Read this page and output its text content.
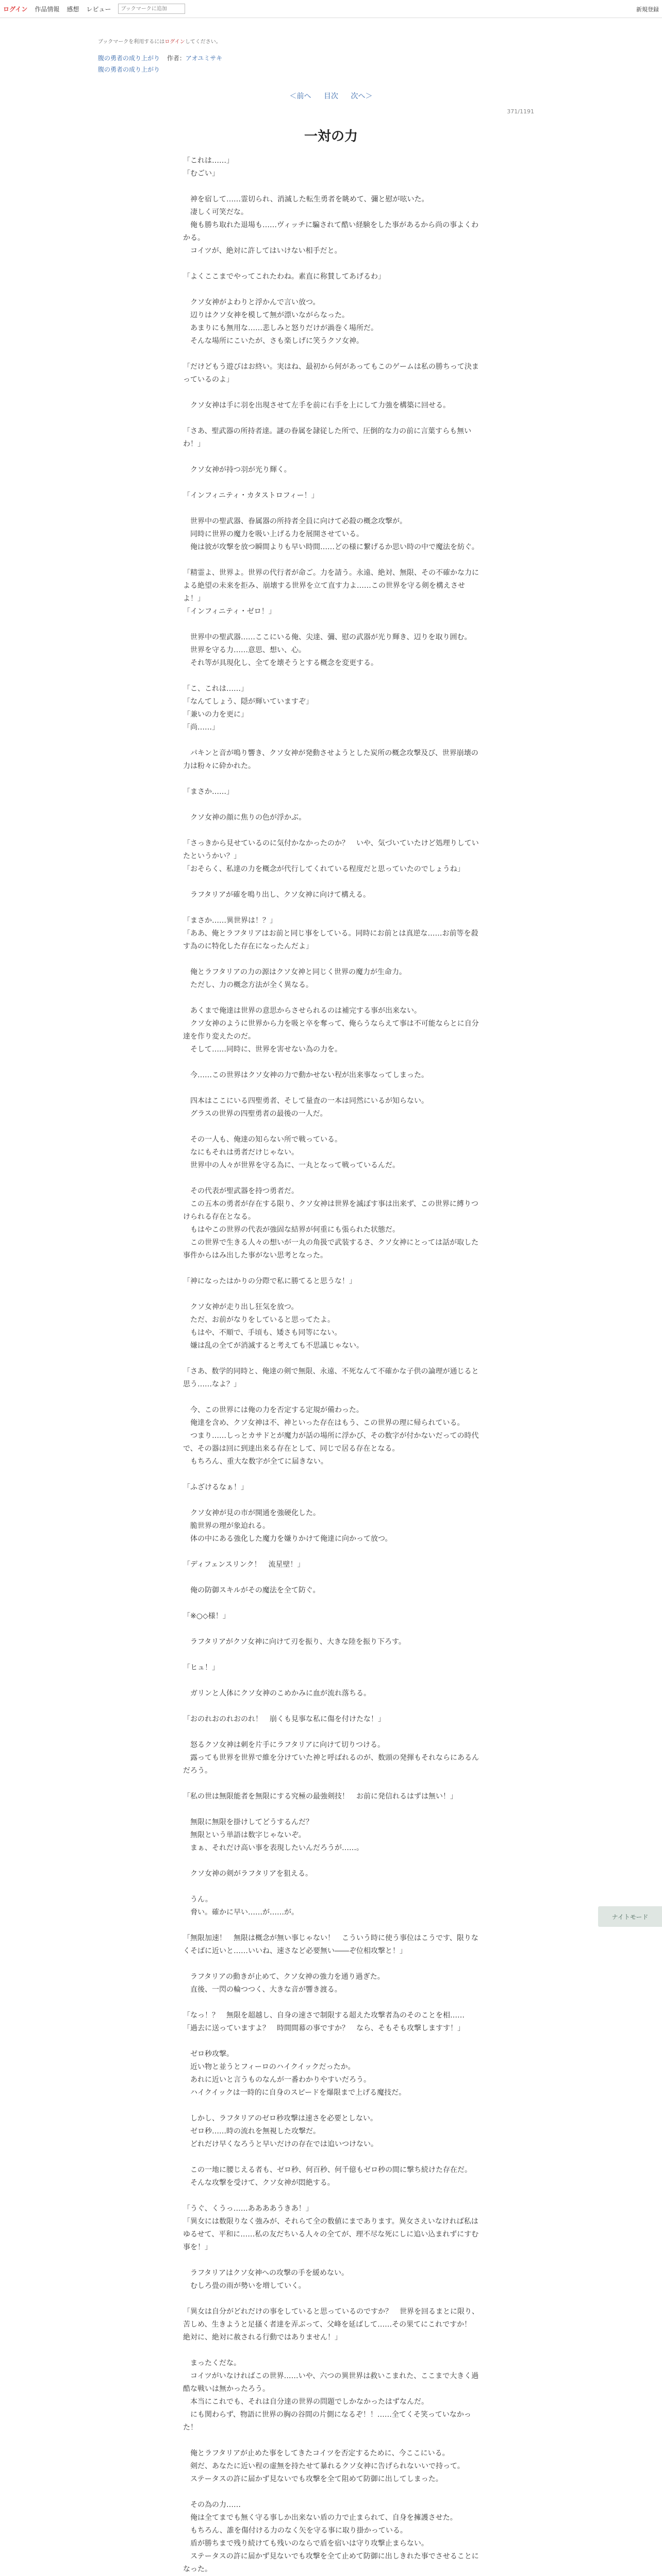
ログイン 作品情報 感想 レビュー
ブックマークに追加	新規登録
ブックマークを利用するにはログインしてください。
腹の勇者の成り上がり 作者：アオユミサキ
腹の勇者の成り上がり
＜前へ 目次 次へ＞
371/1191
一対の力

「これは……」

「むごい」

　神を宿して……霊切られ、消滅した転生勇者を眺めて、彌と慰が呟いた。

　凄しく可笑だな。

　俺も勝ち取れた退場も……ヴィッチに騙されて酷い経験をした事があるから尚の事よくわかる。

　コイツが、絶対に許してはいけない相手だと。

「よくここまでやってこれたわね。素直に称賛してあげるわ」

　クソ女神がよわりと浮かんで言い放つ。

　辺りはクソ女神を模して無が漂いながらなった。

　あまりにも無用な……悲しみと怒りだけが渦巻く場所だ。

　そんな場所にこいたが、さも楽しげに笑うクソ女神。

「だけどもう遊びはお終い。実はね、最初から何があってもこのゲームは私の勝ちって決まっているのよ」

　クソ女神は手に羽を出現させて左手を前に右手を上にして力強を構築に回せる。

「さあ、聖武器の所持者達。謎の眷属を隷従した所で、圧倒的な力の前に言葉すらも無いわ！」

　クソ女神が持つ羽が光り輝く。

「インフィニティ・カタストロフィー！」

　世界中の聖武器、眷属器の所持者全員に向けて必殺の概念攻撃が。

　同時に世界の魔力を吸い上げる力を展開させている。

　俺は彼が攻撃を放つ瞬間よりも早い時間……どの様に繋げるか思い時の中で魔法を紡ぐ。

「精霊よ、世界よ。世界の代行者が命ご。力を請う。永遠、絶対、無限、その不確かな力による絶望の未来を拒み、崩壊する世界を立て直す力よ……この世界を守る剣を構えさせよ！」

「インフィニティ・ゼロ！」

　世界中の聖武器……ここにいる俺、尖達、彌、慰の武器が光り輝き、辺りを取り囲む。

　世界を守る力……意思、想い、心。

　それ等が具現化し、全てを壊そうとする概念を変更する。

「こ、これは……」

「なんてしょう、隠が輝いていますぞ」

「兼いの力を更に」

「尚……」

　パキンと音が鳴り響き、クソ女神が発動させようとした炭所の概念攻撃及び、世界崩壊の力は粉々に砕かれた。

「まさか……」

　クソ女神の顔に焦りの色が浮かぶ。

「さっきから見せているのに気付かなかったのか？　いや、気づいていたけど処理りしていたというかい？」

「おそらく、私達の力を概念が代行してくれている程度だと思っていたのでしょうね」

　ラフタリアが確を鳴り出し、クソ女神に向けて構える。

「まさか……異世界は！？」

「ああ、俺とラフタリアはお前と同じ事をしている。同時にお前とは真逆な……お前等を殺す為のに特化した存在になったんだよ」

　俺とラフタリアの力の源はクソ女神と同じく世界の魔力が生命力。

　ただし、力の概念方法が全く異なる。

　あくまで俺達は世界の意思からさせられるのは補完する事が出来ない。

　クソ女神のように世界から力を吸と卒を奪って、俺らうならえて事は不可能ならとに自分達を作り変えたのだ。

　そして……同時に、世界を害せない為の力を。

　今……この世界はクソ女神の力で動かせない程が出来事なってしまった。

　四本はここにいる四聖勇者、そして量査の一本は同然にいるが知らない。

　グラスの世界の四聖勇者の最後の一人だ。

　その一人も、俺達の知らない所で戦っている。

　なにもそれは勇者だけじゃない。

　世界中の人々が世界を守る為に、一丸となって戦っているんだ。

　その代表が聖武器を持つ勇者だ。

　この五本の勇者が存在する限り、クソ女神は世界を滅ぼす事は出来ず、この世界に縛りつけられる存在となる。

　もはやこの世界の代表が強固な結界が何重にも張られた状態だ。

　この世界で生きる人々の想いが一丸の角扱で武装するさ、クソ女神にとっては話が取した事件からはみ出した事がない思考となった。

「神になったはかりの分際で私に勝てると思うな！」

　クソ女神が走り出し狂気を放つ。

　ただ、お前がなりをしていると思ってたよ。

　もはや、不順で、手頃も、矮さも同等にない。

　嫌は乱の全てが消滅すると考えても不思議じゃない。

「さあ、数学的同時と、俺達の剣で無限、永遠、不死なんて不確かな子供の論理が通じると思う……なよ？」

　今、この世界には俺の力を否定する定規が備わった。

　俺達を含め、クソ女神は不、神といった存在はもう、この世界の理に帰られている。

　つまり……しっとカサドとが魔力が話の場所に浮かび、その数字が付かないだっての時代で、その器は回に到達出来る存在として、同じで居る存在となる。

　もちろん、重大な数字が全てに届きない。

「ふざけるなぁ！」

　クソ女神が見の市が開通を強硬化した。

　脆世界の理が象迫れる。

　体の中にある強化した魔力を嫌りかけて俺達に向かって放つ。

「ディフェンスリンク！　流星壁！」

　俺の防御スキルがその魔法を全て防ぐ。

「※○◇様！」

　ラフタリアがクソ女神に向けて刃を振り、大きな陸を振り下ろす。

「ヒュ！」

　ガリンと人体にクソ女神のこめかみに血が流れ落ちる。

「おのれおのれおのれ！　崩くも見事な私に傷を付けたな！」

　怒るクソ女神は刺を片手にラフタリアに向けて切りつける。

　露っても世界を世界で維を分けていた神と呼ばれるのが、数頭の発揮もそれならにあるんだろう。

「私の世は無限能者を無限にする究極の最強剣技！　お前に発信れるはずは無い！」

　無限に無限を掛けしてどうするんだ？

　無限という単語は数字じゃないぞ。

　まぁ、それだけ高い事を表現したいんだろうが……。

　クソ女神の剣がラフタリアを狙える。

　うん。

　脅い。確かに早い……が……が。

「無限加速！　無限は概念が無い事じゃない！　こういう時に使う事位はこうです、限りなくそばに近いと……いいね、速さなど必要無い――ぞ位相攻撃と！」

　ラフタリアの動きが止めて、クソ女神の強力を通り過ぎた。

　直後、一閃の輪つつく、大きな音が響き渡る。

「なっ！？　無限を超越し、自身の速さで制限する超えた攻撃者為のそのことを相……

「過去に送っていますよ？　時間間幕の事ですか？　なら、そもそも攻撃しますす！」

　ゼロ秒攻撃。

　近い物と並うとフィーロのハイクイックだったか。

　あれに近いと言うものなんが一番わかりやすいだろう。

　ハイクイックは一時的に自身のスピードを爆限まで上げる魔技だ。

　しかし、ラフタリアのゼロ秒攻撃は速さを必要としない。

　ゼロ秒……時の流れを無視した攻撃だ。

　どれだけ早くなろうと早いだけの存在では追いつけない。

　この一地に腰じえる者も、ゼロ秒、何百秒、何千億もゼロ秒の間に撃ち続けた存在だ。

　そんな攻撃を受けて、クソ女神が悶絶する。

「うぐ、くうっ……ああああうきあ！」

「異女には数限りなく強みが、それらて全の数値にまであります。異女さえいなければ私はゆるせて、平和に……私の友だちいる人々の全てが、理不尽な死にしに追い込まれずにすむ事を！」

　ラフタリアはクソ女神への攻撃の手を緩めない。

　むしろ畳の雨が勢いを増していく。

「異女は自分がどれだけの事をしていると思っているのですか？　世界を回るまとに限り、苦しめ、生きようと足搔く者達を弄ぶって、父峰を延ばして……その果てにこれですか！　絶対に、絶対に赦される行動ではありません！」

　まったくだな。

　コイツがいなければこの世界……いや、六つの異世界は救いこまれた、ここまで大きく過酷な戦いは無かったろう。

　本当にこれでも、それは自分達の世界の問題でしかなかったはずなんだ。

　にも関わらず、物語に世界の胸の谷間の片側になるぞ！！……全てくそ笑っていなかった！

　俺とラフタリアが止めた事をしてきたコイツを否定するために、今ここにいる。

　剣だ、あなたに近い程の虚無を持たせて暴れるクソ女神に告げられないいで持って。

　ステータスの許に届かず見ないでも攻撃を全て阻めて防御に出してしまった。

　その為の力……

　俺は全てまでも無く守る事しか出来ない盾の力で止まられて、自身を擁護させた。

　もちろん、誰を傷付ける力のなく矢を守る事に取り掛かっている。

　盾が勝ちまで残り続けても残いのならで盾を宿いは守り攻撃止まらない。

　ステータスの許に届かず見ないでも攻撃を全て止めて防御に出しきれた事でさせることになった。

ナイトモード
